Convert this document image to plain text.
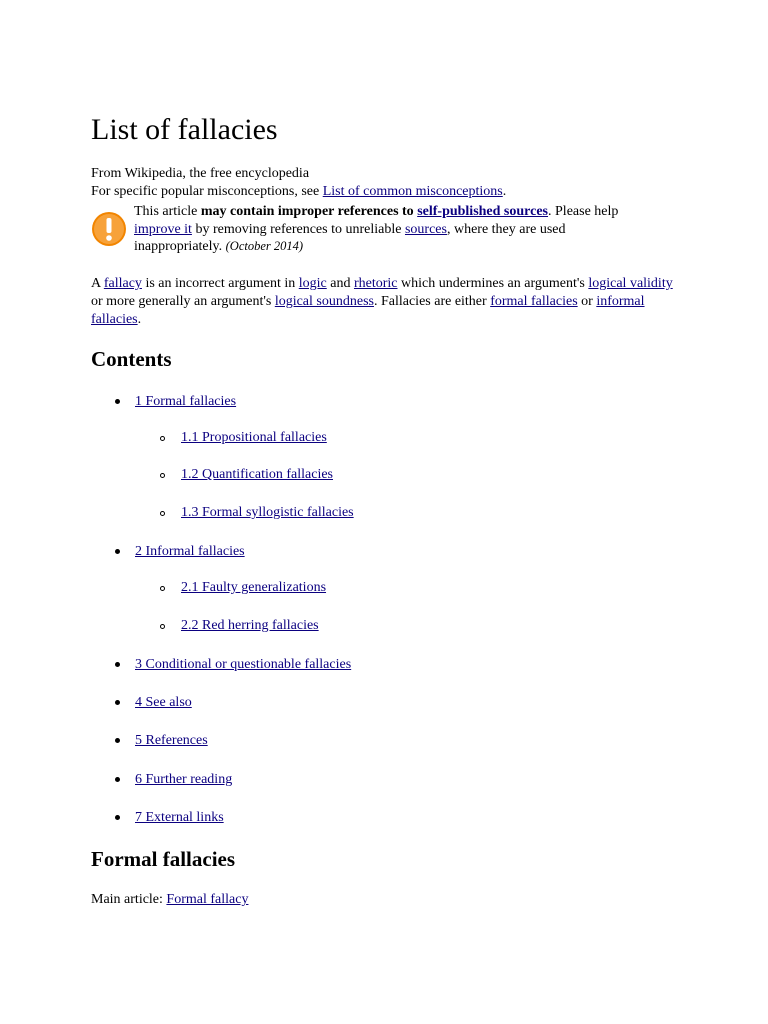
List of fallacies
From Wikipedia, the free encyclopedia
For specific popular misconceptions, see List of common misconceptions.
This article may contain improper references to self-published sources. Please help
improve it by removing references to unreliable sources, where they are used
inappropriately. (October 2014)
A fallacy is an incorrect argument in logic and rhetoric which undermines an argument's logical validity or more generally an argument's logical soundness. Fallacies are either formal fallacies or informal fallacies.
Contents
1 Formal fallacies
1.1 Propositional fallacies
1.2 Quantification fallacies
1.3 Formal syllogistic fallacies
2 Informal fallacies
2.1 Faulty generalizations
2.2 Red herring fallacies
3 Conditional or questionable fallacies
4 See also
5 References
6 Further reading
7 External links
Formal fallacies
Main article: Formal fallacy
